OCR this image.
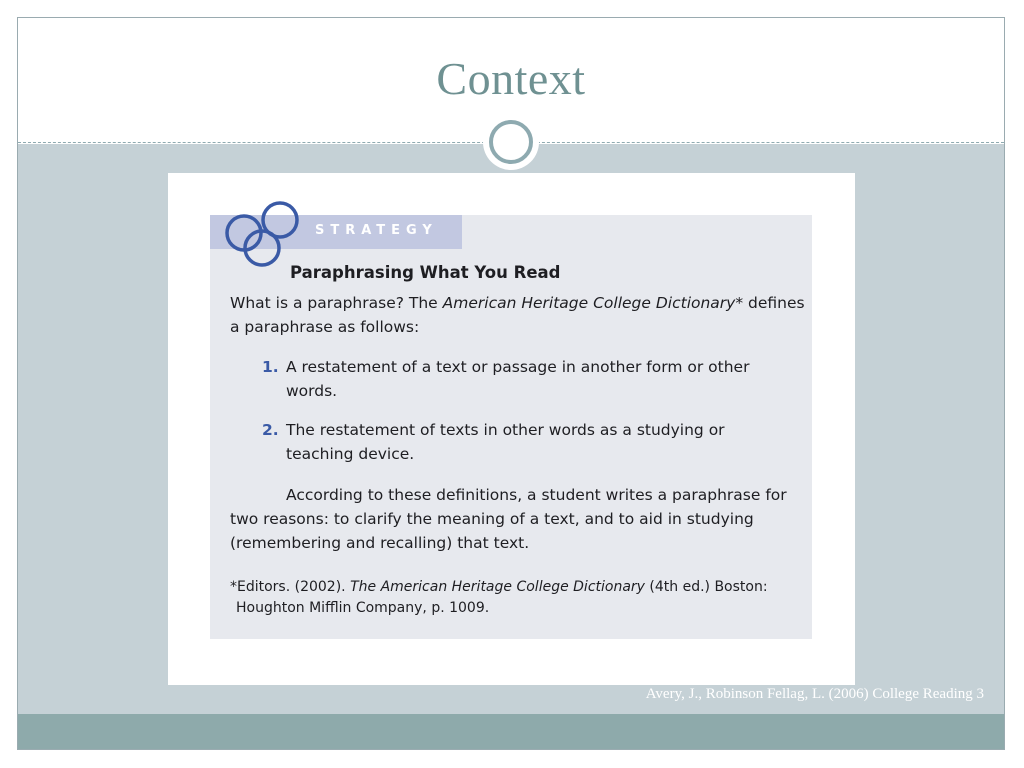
Context
STRATEGY
Paraphrasing What You Read
What is a paraphrase? The American Heritage College Dictionary* defines
a paraphrase as follows:
1. A restatement of a text or passage in another form or other
words.
2. The restatement of texts in other words as a studying or
teaching device.
According to these definitions, a student writes a paraphrase for
two reasons: to clarify the meaning of a text, and to aid in studying
(remembering and recalling) that text.
*Editors. (2002). The American Heritage College Dictionary (4th ed.) Boston:
Houghton Mifflin Company, p. 1009.
Avery, J., Robinson Fellag, L. (2006) College Reading 3
